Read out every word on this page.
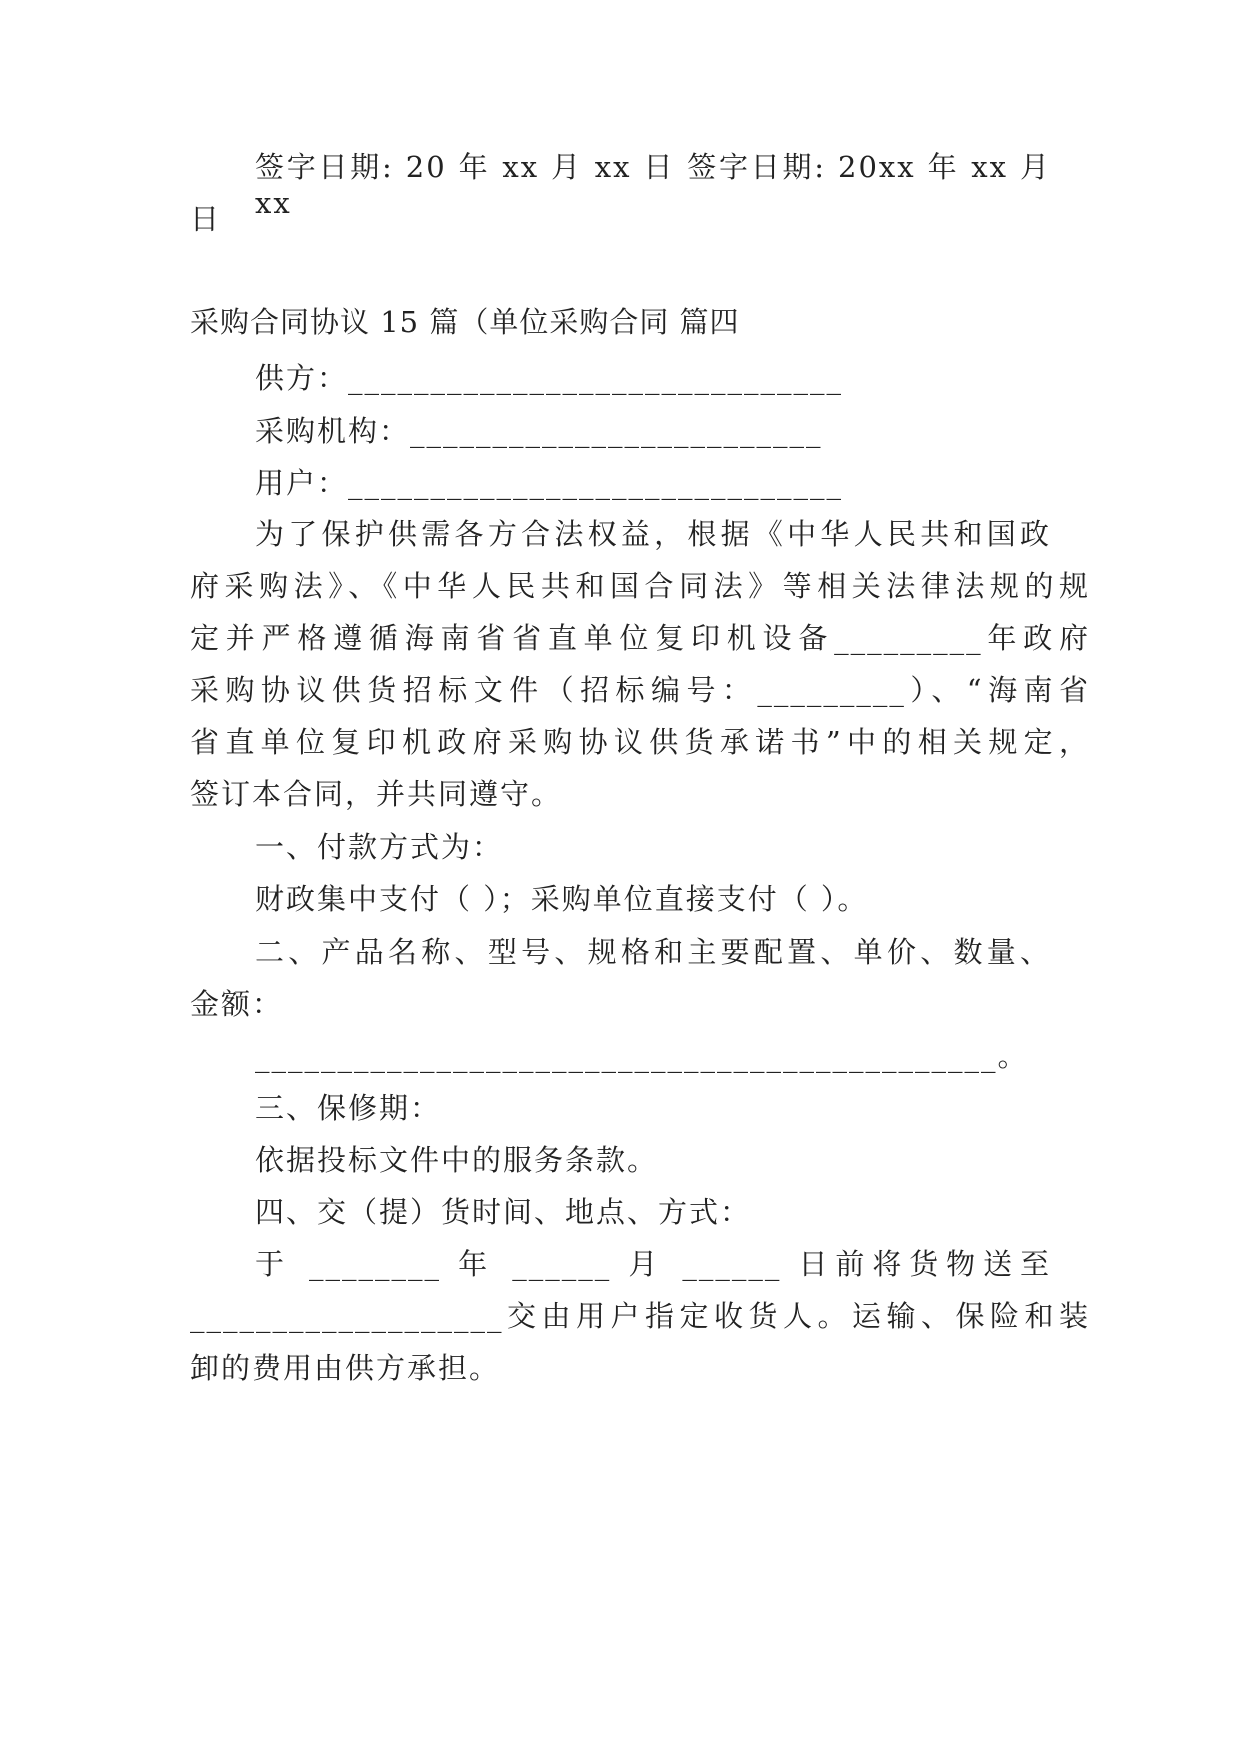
签字日期: 20 年 xx 月 xx 日 签字日期: 20xx 年 xx 月 xx
日
采购合同协议 15 篇（单位采购合同 篇四
供方：______________________________
采购机构：_________________________
用户：______________________________
为了保护供需各方合法权益，根据《中华人民共和国政
府采购法》、《中华人民共和国合同法》等相关法律法规的规
定并严格遵循海南省省直单位复印机设备_________年政府
采购协议供货招标文件（招标编号：_________）、“海南省
省直单位复印机政府采购协议供货承诺书”中的相关规定，
签订本合同，并共同遵守。
一、付款方式为：
财政集中支付（ ）；采购单位直接支付（ ）。
二、产品名称、型号、规格和主要配置、单价、数量、
金额：
_____________________________________________。
三、保修期：
依据投标文件中的服务条款。
四、交（提）货时间、地点、方式：
于 ________ 年 ______ 月 ______ 日前将货物送至
___________________交由用户指定收货人。运输、保险和装
卸的费用由供方承担。
